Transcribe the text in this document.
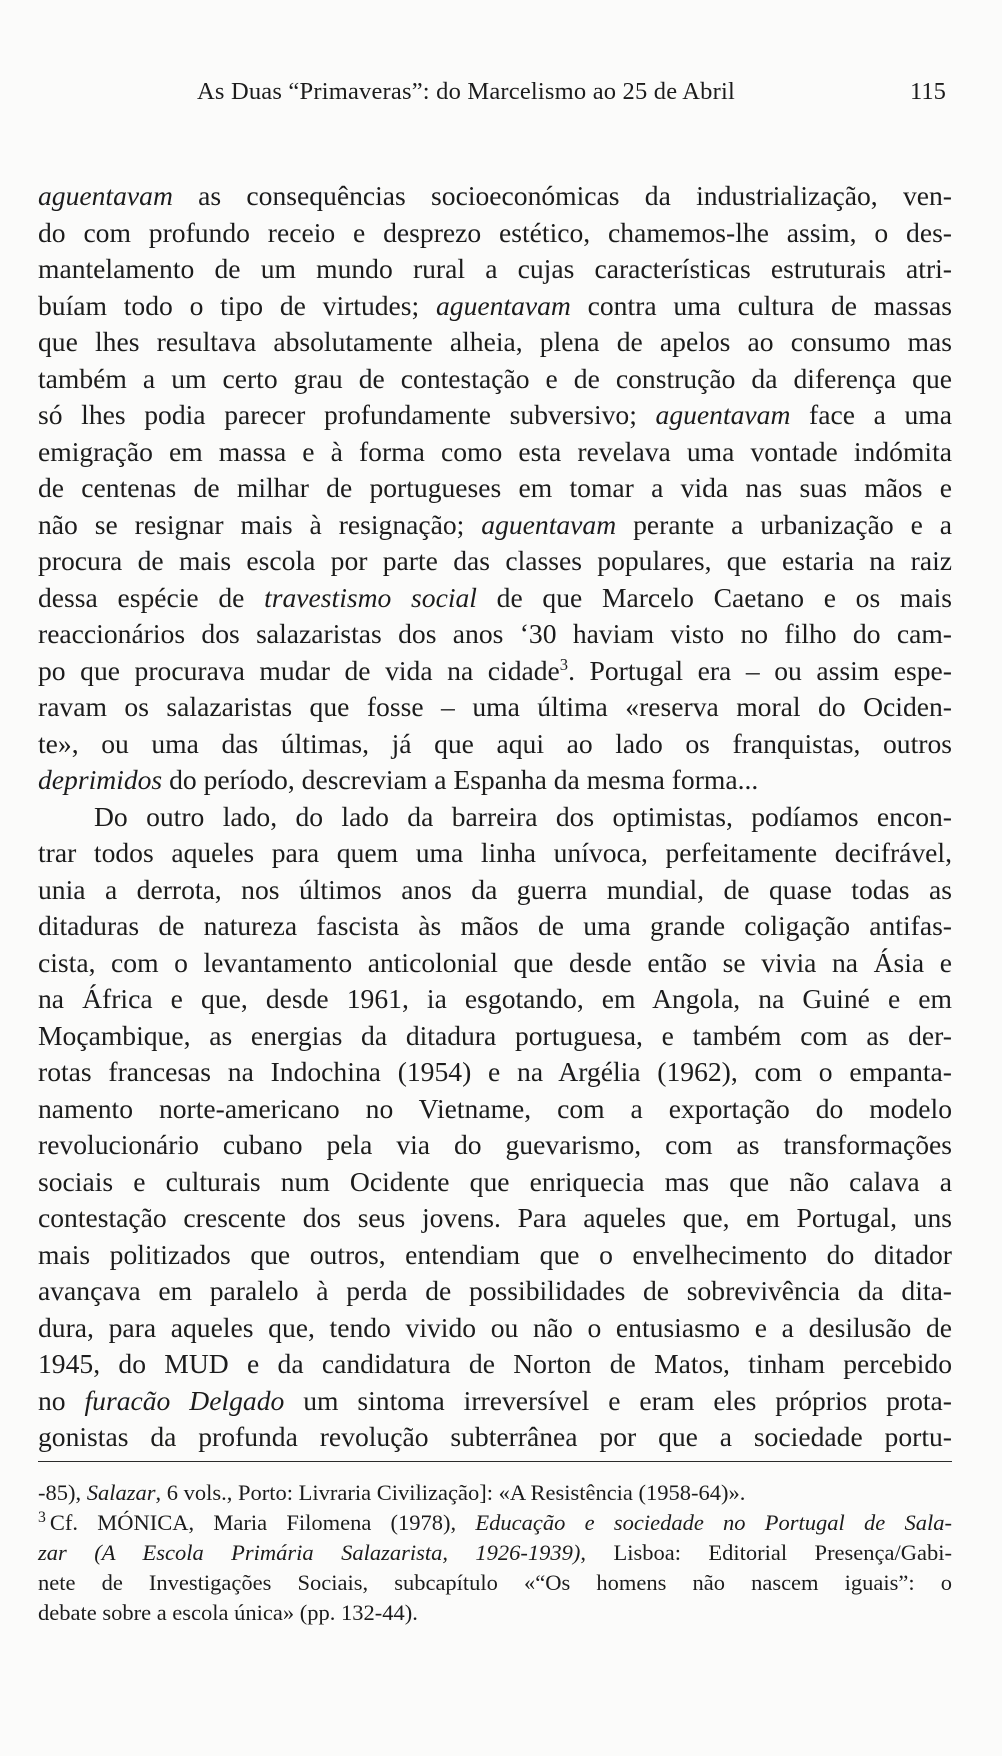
As Duas “Primaveras”: do Marcelismo ao 25 de Abril	115
aguentavam as consequências socioeconómicas da industrialização, ven-
do com profundo receio e desprezo estético, chamemos-lhe assim, o des-
mantelamento de um mundo rural a cujas características estruturais atri-
buíam todo o tipo de virtudes; aguentavam contra uma cultura de massas
que lhes resultava absolutamente alheia, plena de apelos ao consumo mas
também a um certo grau de contestação e de construção da diferença que
só lhes podia parecer profundamente subversivo; aguentavam face a uma
emigração em massa e à forma como esta revelava uma vontade indómita
de centenas de milhar de portugueses em tomar a vida nas suas mãos e
não se resignar mais à resignação; aguentavam perante a urbanização e a
procura de mais escola por parte das classes populares, que estaria na raiz
dessa espécie de travestismo social de que Marcelo Caetano e os mais
reaccionários dos salazaristas dos anos ‘30 haviam visto no filho do cam-
po que procurava mudar de vida na cidade$^3$. Portugal era – ou assim espe-
ravam os salazaristas que fosse – uma última «reserva moral do Ociden-
te», ou uma das últimas, já que aqui ao lado os franquistas, outros
deprimidos do período, descreviam a Espanha da mesma forma...
Do outro lado, do lado da barreira dos optimistas, podíamos encon-
trar todos aqueles para quem uma linha unívoca, perfeitamente decifrável,
unia a derrota, nos últimos anos da guerra mundial, de quase todas as
ditaduras de natureza fascista às mãos de uma grande coligação antifas-
cista, com o levantamento anticolonial que desde então se vivia na Ásia e
na África e que, desde 1961, ia esgotando, em Angola, na Guiné e em
Moçambique, as energias da ditadura portuguesa, e também com as der-
rotas francesas na Indochina (1954) e na Argélia (1962), com o empanta-
namento norte-americano no Vietname, com a exportação do modelo
revolucionário cubano pela via do guevarismo, com as transformações
sociais e culturais num Ocidente que enriquecia mas que não calava a
contestação crescente dos seus jovens. Para aqueles que, em Portugal, uns
mais politizados que outros, entendiam que o envelhecimento do ditador
avançava em paralelo à perda de possibilidades de sobrevivência da dita-
dura, para aqueles que, tendo vivido ou não o entusiasmo e a desilusão de
1945, do MUD e da candidatura de Norton de Matos, tinham percebido
no furacão Delgado um sintoma irreversível e eram eles próprios prota-
gonistas da profunda revolução subterrânea por que a sociedade portu-
-85), Salazar, 6 vols., Porto: Livraria Civilização]: «A Resistência (1958-64)».
$^3$ Cf. MÓNICA, Maria Filomena (1978), Educação e sociedade no Portugal de Sala-
zar (A Escola Primária Salazarista, 1926-1939), Lisboa: Editorial Presença/Gabi-
nete de Investigações Sociais, subcapítulo «“Os homens não nascem iguais”: o
debate sobre a escola única» (pp. 132-44).
